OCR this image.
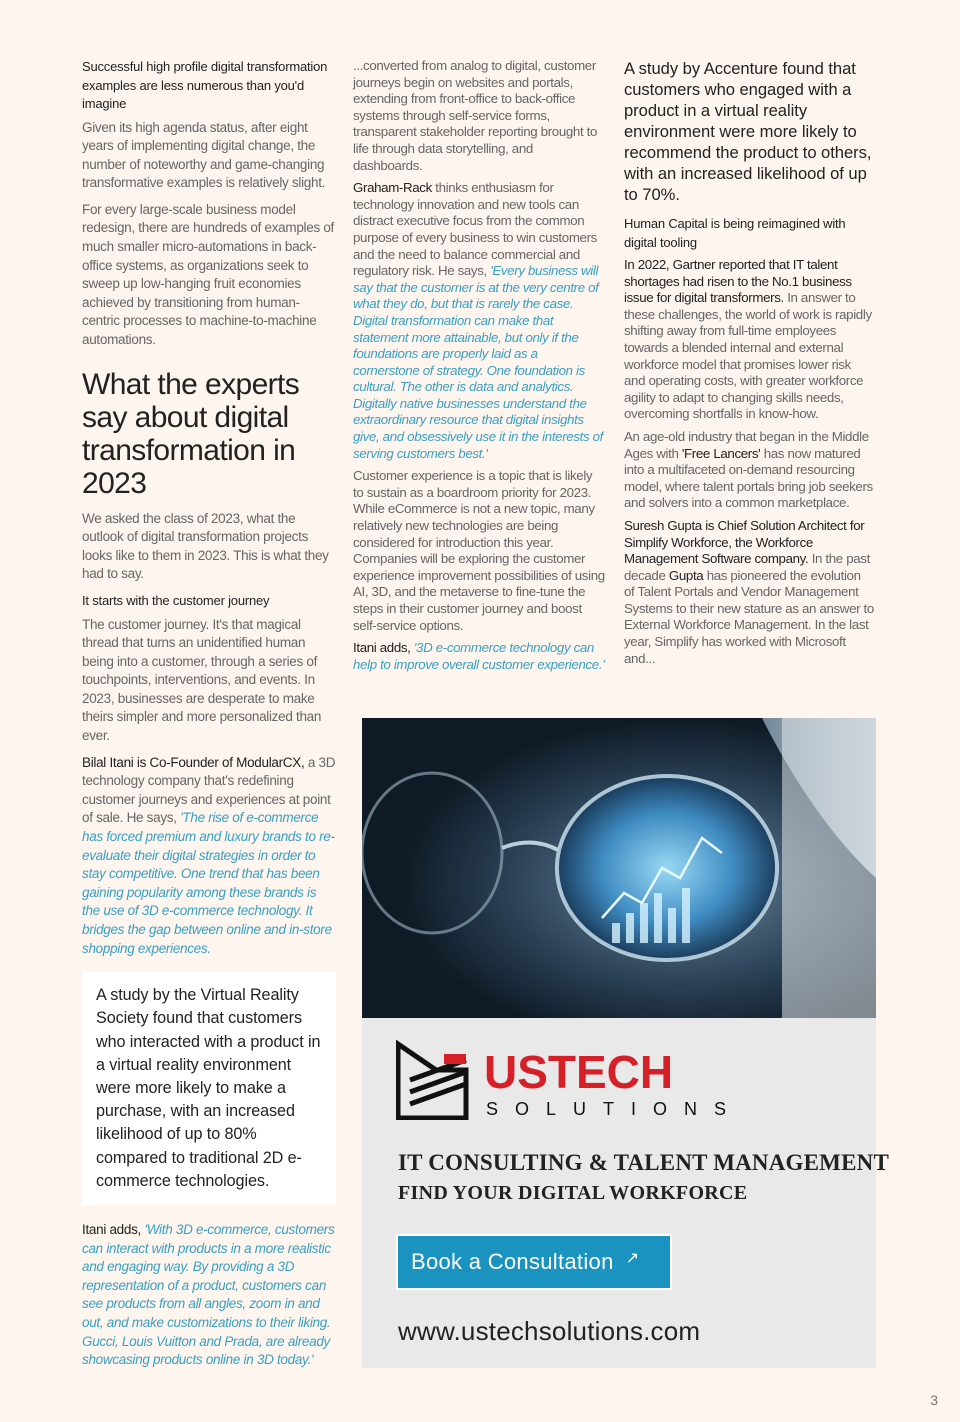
Successful high profile digital transformation examples are less numerous than you'd imagine

Given its high agenda status, after eight years of implementing digital change, the number of noteworthy and game-changing transformative examples is relatively slight.

For every large-scale business model redesign, there are hundreds of examples of much smaller micro-automations in back-office systems, as organizations seek to sweep up low-hanging fruit economies achieved by transitioning from human-centric processes to machine-to-machine automations.

What the experts say about digital transformation in 2023

We asked the class of 2023, what the outlook of digital transformation projects looks like to them in 2023. This is what they had to say.

It starts with the customer journey

The customer journey. It's that magical thread that turns an unidentified human being into a customer, through a series of touchpoints, interventions, and events. In 2023, businesses are desperate to make theirs simpler and more personalized than ever.

Bilal Itani is Co-Founder of ModularCX, a 3D technology company that's redefining customer journeys and experiences at point of sale. He says, 'The rise of e-commerce has forced premium and luxury brands to re-evaluate their digital strategies in order to stay competitive. One trend that has been gaining popularity among these brands is the use of 3D e-commerce technology. It bridges the gap between online and in-store shopping experiences.

A study by the Virtual Reality Society found that customers who interacted with a product in a virtual reality environment were more likely to make a purchase, with an increased likelihood of up to 80% compared to traditional 2D e-commerce technologies.

Itani adds, 'With 3D e-commerce, customers can interact with products in a more realistic and engaging way. By providing a 3D representation of a product, customers can see products from all angles, zoom in and out, and make customizations to their liking. Gucci, Louis Vuitton and Prada, are already showcasing products online in 3D today.'

...converted from analog to digital, customer journeys begin on websites and portals, extending from front-office to back-office systems through self-service forms, transparent stakeholder reporting brought to life through data storytelling, and dashboards.

Graham-Rack thinks enthusiasm for technology innovation and new tools can distract executive focus from the common purpose of every business to win customers and the need to balance commercial and regulatory risk. He says, 'Every business will say that the customer is at the very centre of what they do, but that is rarely the case. Digital transformation can make that statement more attainable, but only if the foundations are properly laid as a cornerstone of strategy. One foundation is cultural. The other is data and analytics. Digitally native businesses understand the extraordinary resource that digital insights give, and obsessively use it in the interests of serving customers best.'

Customer experience is a topic that is likely to sustain as a boardroom priority for 2023. While eCommerce is not a new topic, many relatively new technologies are being considered for introduction this year. Companies will be exploring the customer experience improvement possibilities of using AI, 3D, and the metaverse to fine-tune the steps in their customer journey and boost self-service options.

Itani adds, '3D e-commerce technology can help to improve overall customer experience.'

A study by Accenture found that customers who engaged with a product in a virtual reality environment were more likely to recommend the product to others, with an increased likelihood of up to 70%.

Human Capital is being reimagined with digital tooling

In 2022, Gartner reported that IT talent shortages had risen to the No.1 business issue for digital transformers. In answer to these challenges, the world of work is rapidly shifting away from full-time employees towards a blended internal and external workforce model that promises lower risk and operating costs, with greater workforce agility to adapt to changing skills needs, overcoming shortfalls in know-how.

An age-old industry that began in the Middle Ages with 'Free Lancers' has now matured into a multifaceted on-demand resourcing model, where talent portals bring job seekers and solvers into a common marketplace.

Suresh Gupta is Chief Solution Architect for Simplify Workforce, the Workforce Management Software company. In the past decade Gupta has pioneered the evolution of Talent Portals and Vendor Management Systems to their new stature as an answer to External Workforce Management. In the last year, Simplify has worked with Microsoft and...

USTECH
SOLUTIONS
IT CONSULTING & TALENT MANAGEMENT
FIND YOUR DIGITAL WORKFORCE
Book a Consultation ↗
www.ustechsolutions.com
3
